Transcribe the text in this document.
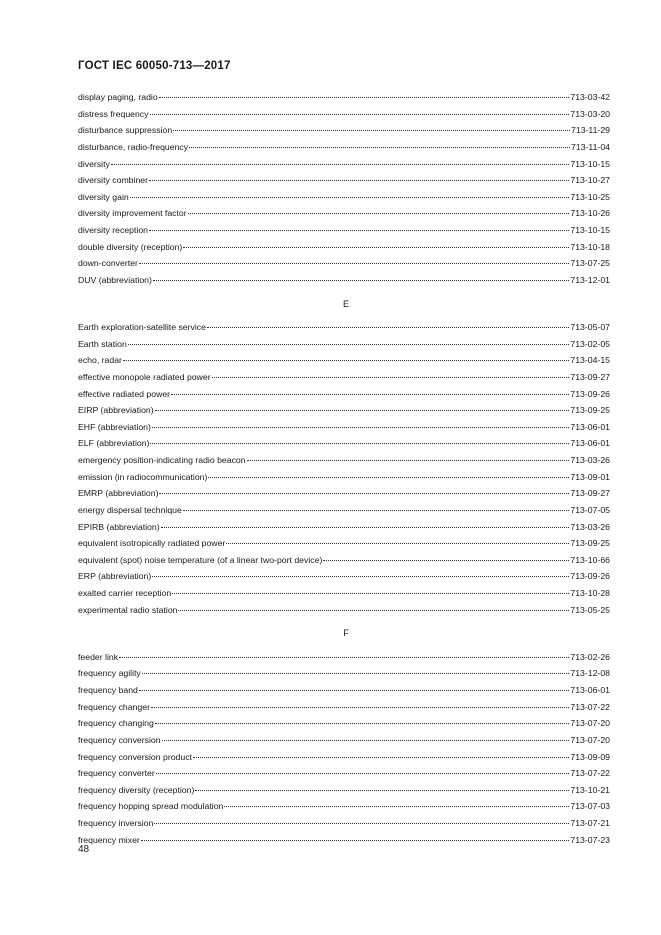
ГОСТ IEC 60050-713—2017
display paging, radio	713-03-42
distress frequency	713-03-20
disturbance suppression	713-11-29
disturbance, radio-frequency	713-11-04
diversity	713-10-15
diversity combiner	713-10-27
diversity gain	713-10-25
diversity improvement factor	713-10-26
diversity reception	713-10-15
double diversity (reception)	713-10-18
down-converter	713-07-25
DUV (abbreviation)	713-12-01
E
Earth exploration-satellite service	713-05-07
Earth station	713-02-05
echo, radar	713-04-15
effective monopole radiated power	713-09-27
effective radiated power	713-09-26
EIRP (abbreviation)	713-09-25
EHF (abbreviation)	713-06-01
ELF (abbreviation)	713-06-01
emergency position-indicating radio beacon	713-03-26
emission (in radiocommunication)	713-09-01
EMRP (abbreviation)	713-09-27
energy dispersal technique	713-07-05
EPIRB (abbreviation)	713-03-26
equivalent isotropically radiated power	713-09-25
equivalent (spot) noise temperature (of a linear two-port device)	713-10-66
ERP (abbreviation)	713-09-26
exalted carrier reception	713-10-28
experimental radio station	713-05-25
F
feeder link	713-02-26
frequency agility	713-12-08
frequency band	713-06-01
frequency changer	713-07-22
frequency changing	713-07-20
frequency conversion	713-07-20
frequency conversion product	713-09-09
frequency converter	713-07-22
frequency diversity (reception)	713-10-21
frequency hopping spread modulation	713-07-03
frequency inversion	713-07-21
frequency mixer	713-07-23
48
